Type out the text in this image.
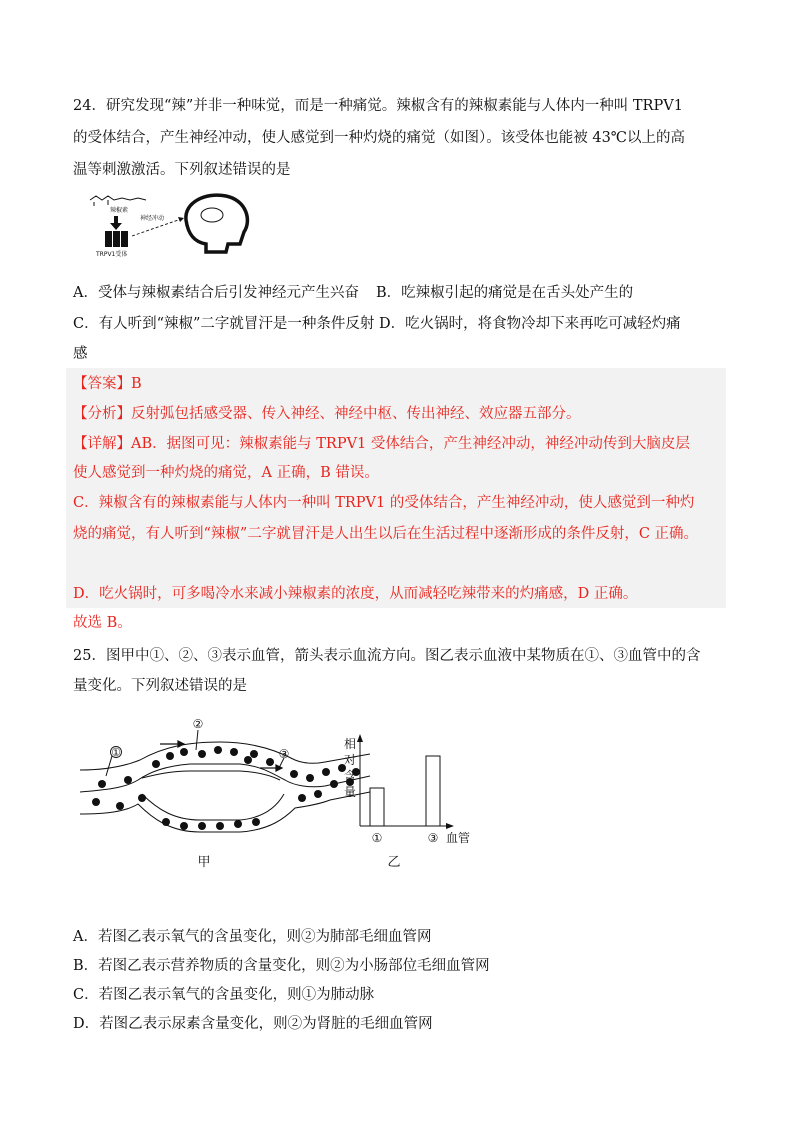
24．研究发现“辣”并非一种味觉，而是一种痛觉。辣椒含有的辣椒素能与人体内一种叫 TRPV1
的受体结合，产生神经冲动，使人感觉到一种灼烧的痛觉（如图）。该受体也能被 43℃以上的高
温等刺激激活。下列叙述错误的是
辣椒素
TRPV1受体
神经冲动
A．受体与辣椒素结合后引发神经元产生兴奋 B．吃辣椒引起的痛觉是在舌头处产生的
C．有人听到“辣椒”二字就冒汗是一种条件反射 D．吃火锅时，将食物冷却下来再吃可减轻灼痛
感
【答案】B
【分析】反射弧包括感受器、传入神经、神经中枢、传出神经、效应器五部分。
【详解】AB．据图可见：辣椒素能与 TRPV1 受体结合，产生神经冲动，神经冲动传到大脑皮层
使人感觉到一种灼烧的痛觉，A 正确，B 错误。
C．辣椒含有的辣椒素能与人体内一种叫 TRPV1 的受体结合，产生神经冲动，使人感觉到一种灼
烧的痛觉，有人听到“辣椒”二字就冒汗是人出生以后在生活过程中逐渐形成的条件反射，C 正确。
D．吃火锅时，可多喝冷水来减小辣椒素的浓度，从而减轻吃辣带来的灼痛感，D 正确。
故选 B。
25．图甲中①、②、③表示血管，箭头表示血流方向。图乙表示血液中某物质在①、③血管中的含
量变化。下列叙述错误的是
①
②
③
甲
相
对
含
量
①	③ 血管
乙
A．若图乙表示氧气的含虽变化，则②为肺部毛细血管网
B．若图乙表示营养物质的含量变化，则②为小肠部位毛细血管网
C．若图乙表示氧气的含虽变化，则①为肺动脉
D．若图乙表示尿素含量变化，则②为肾脏的毛细血管网
